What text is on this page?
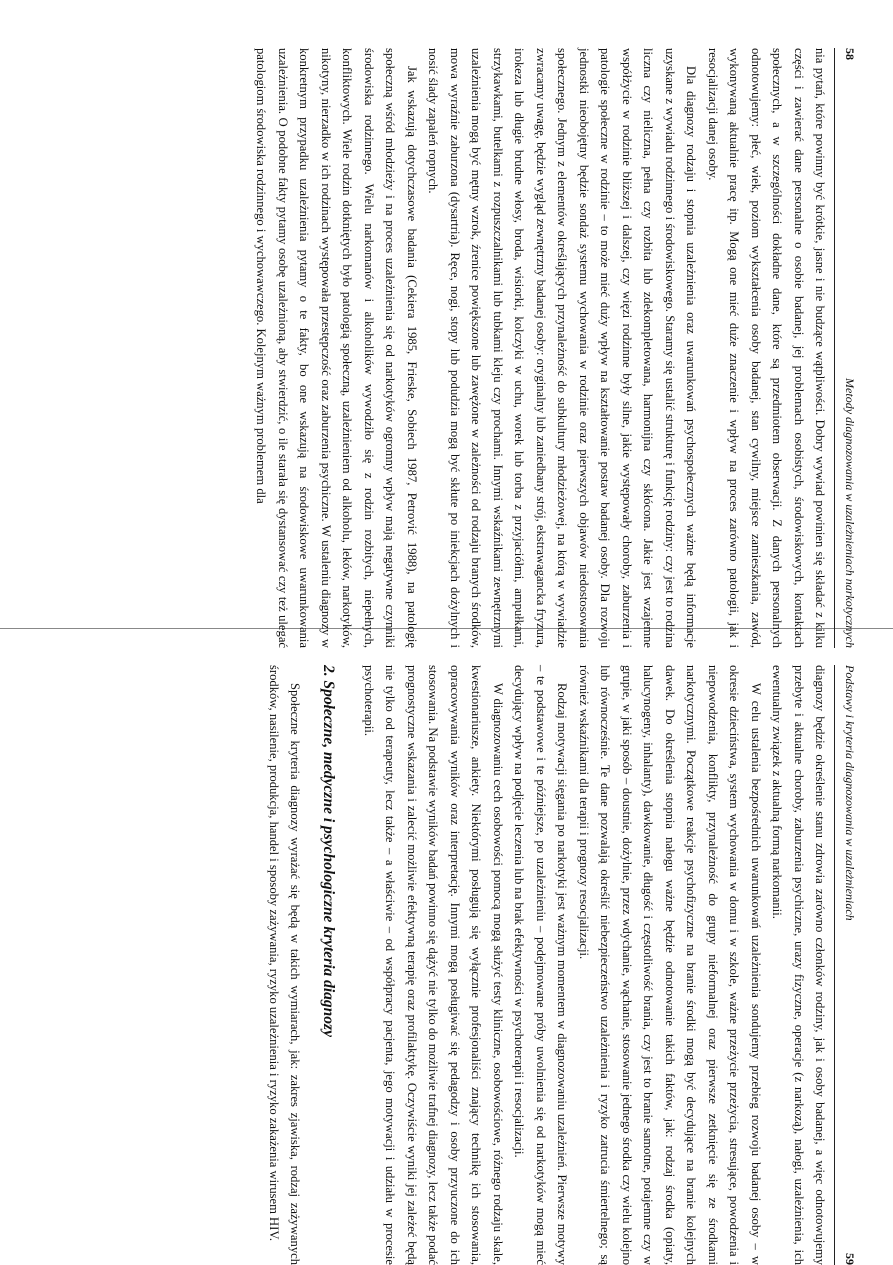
58
Metody diagnozowania w uzależnieniach narkotycznych

nia pytań, które powinny być krótkie, jasne i nie budzące wątpliwości. Dobry wywiad powinien się składać z kilku części i zawierać dane personalne o osobie badanej, jej problemach osobistych, środowiskowych, kontaktach społecznych, a w szczególności dokładne dane, które są przedmiotem obserwacji. Z danych personalnych odnotowujemy: płeć, wiek, poziom wykształcenia osoby badanej, stan cywilny, miejsce zamieszkania, zawód, wykonywaną aktualnie pracę itp. Mogą one mieć duże znaczenie i wpływ na proces zarówno patologii, jak i resocjalizacji danej osoby.

Dla diagnozy rodzaju i stopnia uzależnienia oraz uwarunkowań psychospołecznych ważne będą informacje uzyskane z wywiadu rodzinnego i środowiskowego. Staramy się ustalić strukturę i funkcję rodziny: czy jest to rodzina liczna czy nieliczna, pełna czy rozbita lub zdekompletowana, harmonijna czy skłócona. Jakie jest wzajemne współżycie w rodzinie bliższej i dalszej, czy więzi rodzinne były silne, jakie występowały choroby, zaburzenia i patologie społeczne w rodzinie – to może mieć duży wpływ na kształtowanie postaw badanej osoby. Dla rozwoju jednostki nieobojętny będzie sondaż systemu wychowania w rodzinie oraz pierwszych objawów niedostosowania społecznego. Jednym z elementów określających przynależność do subkultury młodzieżowej, na którą w wywiadzie zwracamy uwagę, będzie wygląd zewnętrzny badanej osoby: oryginalny lub zaniedbany strój, ekstrawagancka fryzura, irokeza lub długie brudne włosy, broda, wisiorki, kolczyki w uchu, worek lub torba z przyjaciółmi, ampułkami, strzykawkami, butelkami z rozpuszczalnikami lub tubkami kleju czy prochami. Innymi wskaźnikami zewnętrznymi uzależnienia mogą być mętny wzrok, źrenice powiększone lub zawężone w zależności od rodzaju branych środków, mowa wyraźnie zaburzona (dysartria). Ręce, nogi, stopy lub podudzia mogą być skłute po iniekcjach dożylnych i nosić ślady zapaleń ropnych.

Jak wskazują dotychczasowe badania (Cekiera 1985, Frieske, Sobiech 1987, Petrović 1988), na patologię społeczną wśród młodzieży i na proces uzależnienia się od narkotyków ogromny wpływ mają negatywne czynniki środowiska rodzinnego. Wielu narkomanów i alkoholików wywodziło się z rodzin rozbitych, niepełnych, konfliktowych. Wiele rodzin dotkniętych było patologią społeczną, uzależnieniem od alkoholu, leków, narkotyków, nikotyny, nierzadko w ich rodzinach występowała przestępczość oraz zaburzenia psychiczne. W ustaleniu diagnozy w konkretnym przypadku uzależnienia pytamy o te fakty, bo one wskazują na środowiskowe uwarunkowania uzależnienia. O podobne fakty pytamy osobę uzależnioną, aby stwierdzić, o ile starała się dystansować czy też ulegać patologiom środowiska rodzinnego i wychowawczego. Kolejnym ważnym problemem dla

Podstawy i kryteria diagnozowania w uzależnieniach
59

diagnozy będzie określenie stanu zdrowia zarówno członków rodziny, jak i osoby badanej, a więc odnotowujemy przebyte i aktualne choroby, zaburzenia psychiczne, urazy fizyczne, operacje (z narkozą), nałogi, uzależnienia, ich ewentualny związek z aktualną formą narkomanii.

W celu ustalenia bezpośrednich uwarunkowań uzależnienia sondujemy przebieg rozwoju badanej osoby – w okresie dzieciństwa, system wychowania w domu i w szkole, ważne przeżycie przeżycia, stresujące, powodzenia i niepowodzenia, konflikty, przynależność do grupy nieformalnej oraz pierwsze zetknięcie się ze środkami narkotycznymi. Początkowe reakcje psychofizyczne na branie środki mogą być decydujące na branie kolejnych dawek. Do określenia stopnia nałogu ważne będzie odnotowanie takich faktów, jak: rodzaj środka (opiaty, halucynogeny, inhalanty), dawkowanie, długość i częstotliwość brania, czy jest to branie samotne, potajemne czy w grupie, w jaki sposób – doustnie, dożylnie, przez wdychanie, wąchanie, stosowanie jednego środka czy wielu kolejno lub równocześnie. Te dane pozwalają określić niebezpieczeństwo uzależnienia i ryzyko zatrucia śmiertelnego; są również wskaźnikami dla terapii i prognozy resocjalizacji.

Rodzaj motywacji sięgania po narkotyki jest ważnym momentem w diagnozowaniu uzależnień. Pierwsze motywy – te podstawowe i te późniejsze, po uzależnieniu – podejmowane próby uwolnienia się od narkotyków mogą mieć decydujący wpływ na podjęcie leczenia lub na brak efektywności w psychoterapii i resocjalizacji.

W diagnozowaniu cech osobowości pomocą mogą służyć testy kliniczne, osobowościowe, różnego rodzaju skale, kwestionariusze, ankiety. Niektórymi posługują się wyłącznie profesjonaliści znający technikę ich stosowania, opracowywania wyników oraz interpretację. Innymi mogą posługiwać się pedagodzy i osoby przyuczone do ich stosowania. Na podstawie wyników badań powinno się dążyć nie tylko do możliwie trafnej diagnozy, lecz także podać prognostyczne wskazania i zalecić możliwie efektywną terapię oraz profilaktykę. Oczywiście wyniki jej zależeć będą nie tylko od terapeuty, lecz także – a właściwie – od współpracy pacjenta, jego motywacji i udziału w procesie psychoterapii.

2. Społeczne, medyczne i psychologiczne kryteria diagnozy

Społeczne kryteria diagnozy wyrażać się będą w takich wymiarach, jak: zakres zjawiska, rodzaj zażywanych środków, nasilenie, produkcja, handel i sposoby zażywania, ryzyko uzależnienia i ryzyko zakażenia wirusem HIV.
